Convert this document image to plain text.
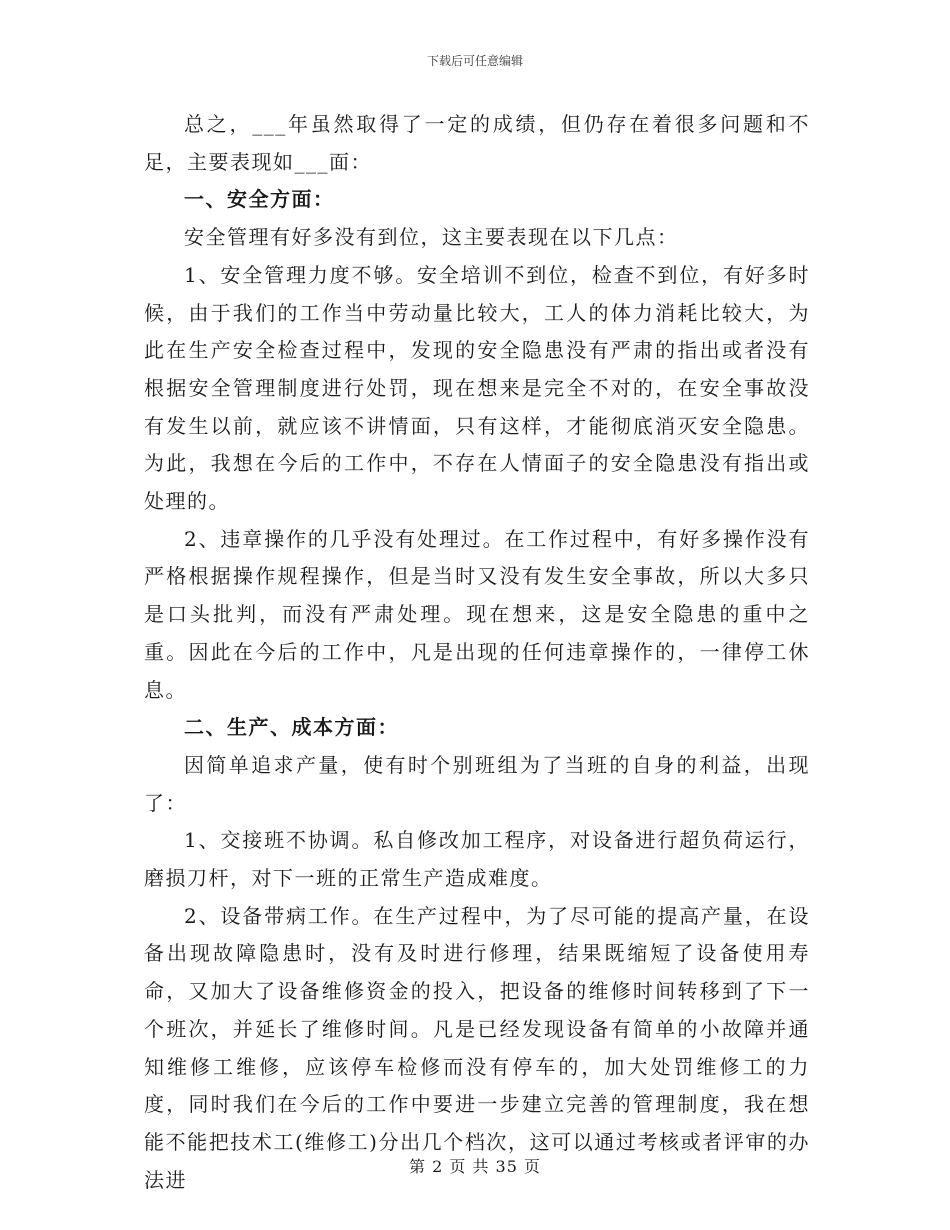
下载后可任意编辑

总之，___年虽然取得了一定的成绩，但仍存在着很多问题和不足，主要表现如___面：

一、安全方面：

安全管理有好多没有到位，这主要表现在以下几点：

1、安全管理力度不够。安全培训不到位，检查不到位，有好多时候，由于我们的工作当中劳动量比较大，工人的体力消耗比较大，为此在生产安全检查过程中，发现的安全隐患没有严肃的指出或者没有根据安全管理制度进行处罚，现在想来是完全不对的，在安全事故没有发生以前，就应该不讲情面，只有这样，才能彻底消灭安全隐患。为此，我想在今后的工作中，不存在人情面子的安全隐患没有指出或处理的。

2、违章操作的几乎没有处理过。在工作过程中，有好多操作没有严格根据操作规程操作，但是当时又没有发生安全事故，所以大多只是口头批判，而没有严肃处理。现在想来，这是安全隐患的重中之重。因此在今后的工作中，凡是出现的任何违章操作的，一律停工休息。

二、生产、成本方面：

因简单追求产量，使有时个别班组为了当班的自身的利益，出现了：

1、交接班不协调。私自修改加工程序，对设备进行超负荷运行，磨损刀杆，对下一班的正常生产造成难度。

2、设备带病工作。在生产过程中，为了尽可能的提高产量，在设备出现故障隐患时，没有及时进行修理，结果既缩短了设备使用寿命，又加大了设备维修资金的投入，把设备的维修时间转移到了下一个班次，并延长了维修时间。凡是已经发现设备有简单的小故障并通知维修工维修，应该停车检修而没有停车的，加大处罚维修工的力度，同时我们在今后的工作中要进一步建立完善的管理制度，我在想能不能把技术工(维修工)分出几个档次，这可以通过考核或者评审的办法进

第 2 页 共 35 页
